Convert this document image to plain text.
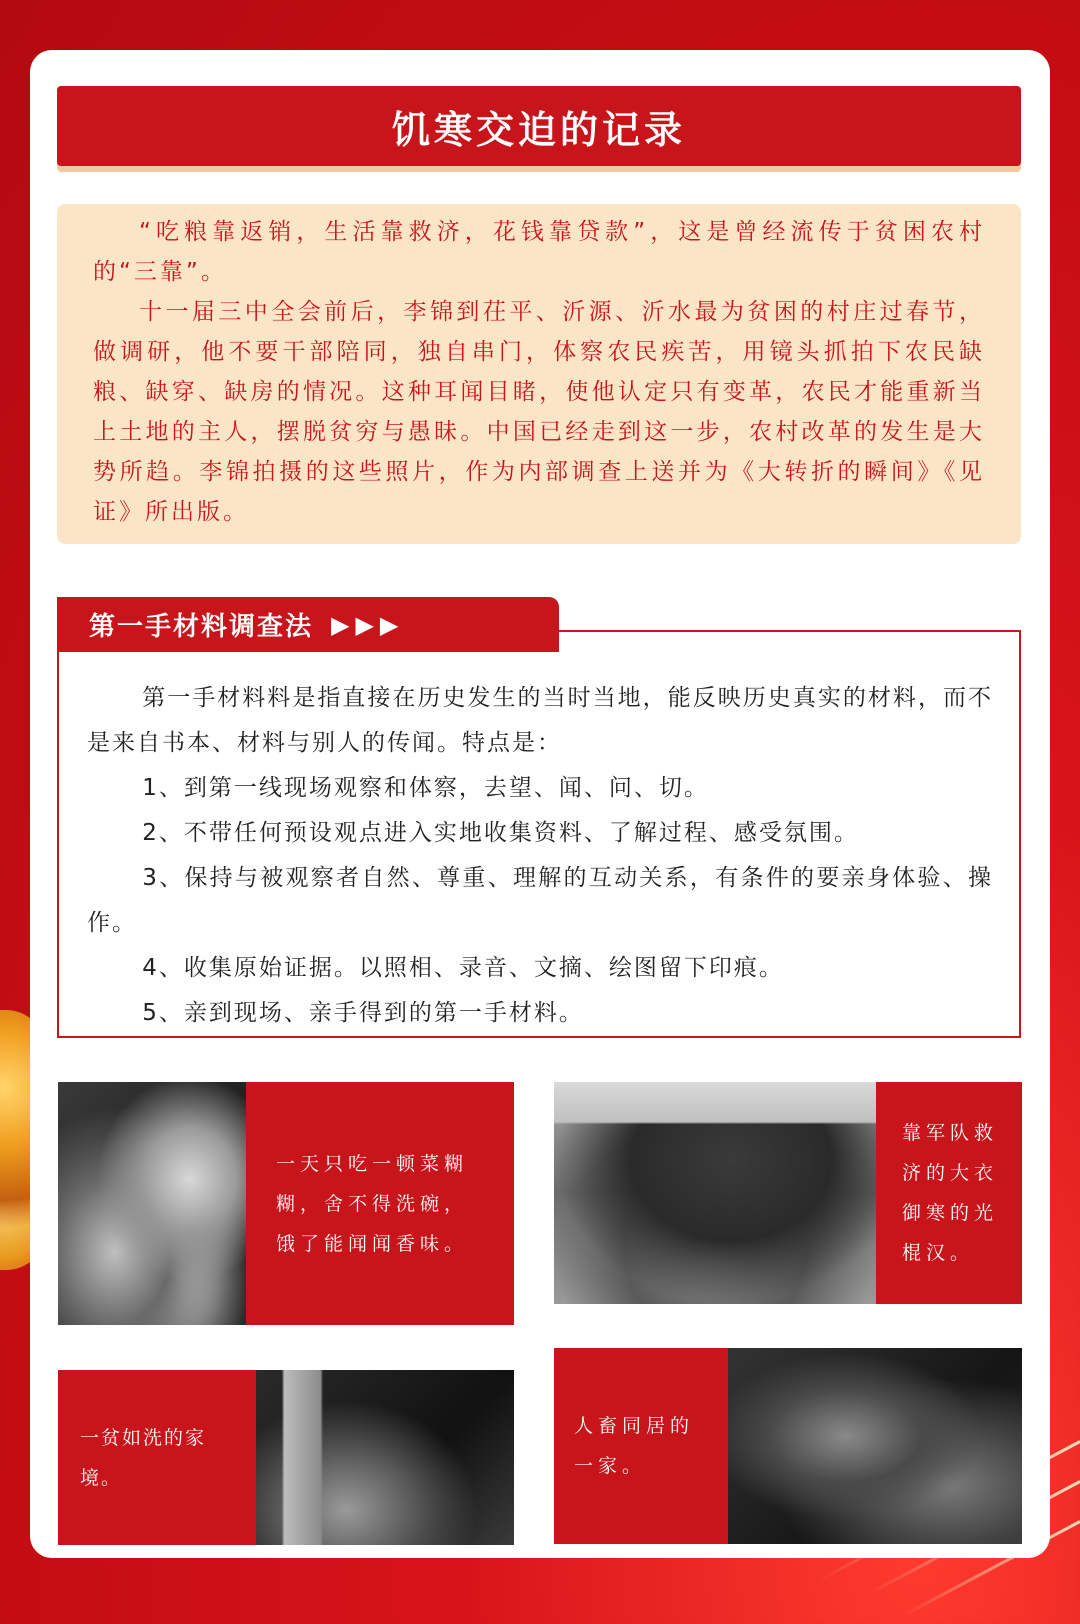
饥寒交迫的记录

“吃粮靠返销，生活靠救济，花钱靠贷款”，这是曾经流传于贫困农村的“三靠”。

十一届三中全会前后，李锦到茌平、沂源、沂水最为贫困的村庄过春节，做调研，他不要干部陪同，独自串门，体察农民疾苦，用镜头抓拍下农民缺粮、缺穿、缺房的情况。这种耳闻目睹，使他认定只有变革，农民才能重新当上土地的主人，摆脱贫穷与愚昧。中国已经走到这一步，农村改革的发生是大势所趋。李锦拍摄的这些照片，作为内部调查上送并为《大转折的瞬间》《见证》所出版。

第一手材料料是指直接在历史发生的当时当地，能反映历史真实的材料，而不是来自书本、材料与别人的传闻。特点是：

1、到第一线现场观察和体察，去望、闻、问、切。

2、不带任何预设观点进入实地收集资料、了解过程、感受氛围。

3、保持与被观察者自然、尊重、理解的互动关系，有条件的要亲身体验、操作。

4、收集原始证据。以照相、录音、文摘、绘图留下印痕。

5、亲到现场、亲手得到的第一手材料。

第一手材料调查法 ▶▶▶
一天只吃一顿菜糊糊，舍不得洗碗，饿了能闻闻香味。
靠军队救济的大衣御寒的光棍汉。
一贫如洗的家境。
人畜同居的一家。
